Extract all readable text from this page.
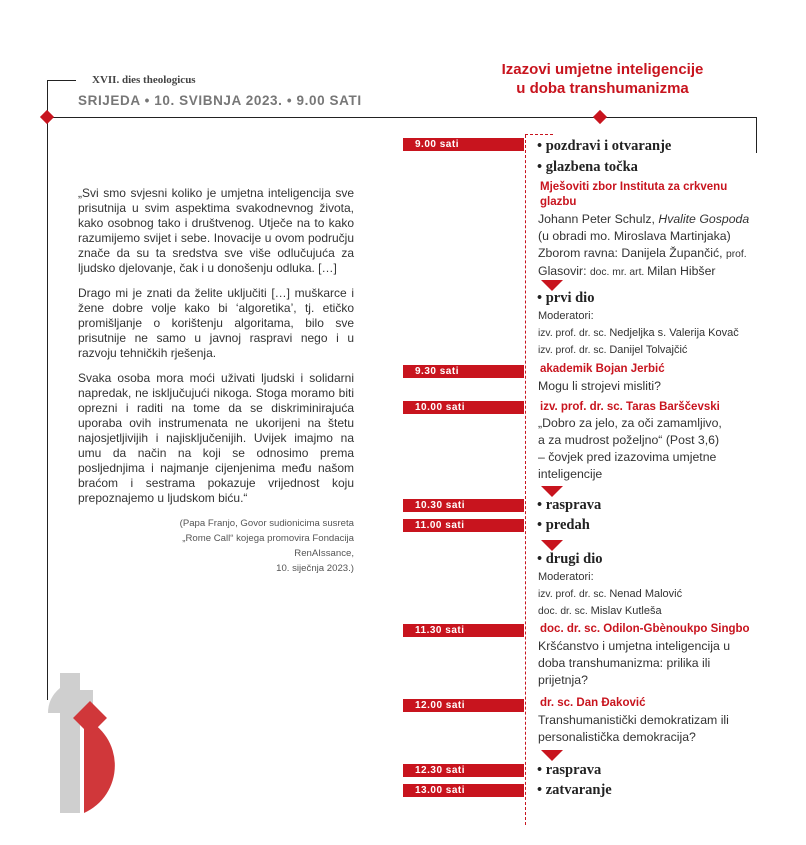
XVII. dies theologicus
SRIJEDA • 10. SVIBNJA 2023. • 9.00 SATI
Izazovi umjetne inteligencije
u doba transhumanizma

„Svi smo svjesni koliko je umjetna inteligencija sve prisutnija u svim aspektima svakodnevnog života, kako osobnog tako i društvenog. Utječe na to kako razumijemo svijet i sebe. Inovacije u ovom području znače da su ta sredstva sve više odlučujuća za ljudsko djelovanje, čak i u donošenju odluka. […]

Drago mi je znati da želite uključiti […] muškarce i žene dobre volje kako bi ‘algoretika’, tj. etičko promišljanje o korištenju algoritama, bilo sve prisutnije ne samo u javnoj raspravi nego i u razvoju tehničkih rješenja.

Svaka osoba mora moći uživati ljudski i solidarni napredak, ne isključujući nikoga. Stoga moramo biti oprezni i raditi na tome da se diskriminirajuća uporaba ovih instrumenata ne ukorijeni na štetu najosjetljivijih i najisključenijih. Uvijek imajmo na umu da način na koji se odnosimo prema posljednjima i najmanje cijenjenima među našom braćom i sestrama pokazuje vrijednost koju prepoznajemo u ljudskom biću.“

(Papa Franjo, Govor sudionicima susreta
„Rome Call“ kojega promovira Fondacija RenAIssance,
10. siječnja 2023.)
9.00 sati	• pozdravi i otvaranje
• glazbena točka
Mješoviti zbor Instituta za crkvenu
glazbu
Johann Peter Schulz, Hvalite Gospoda
(u obradi mo. Miroslava Martinjaka)
Zborom ravna: Danijela Župančić, prof.
Glasovir: doc. mr. art. Milan Hibšer
• prvi dio
Moderatori:
izv. prof. dr. sc. Nedjeljka s. Valerija Kovač
izv. prof. dr. sc. Danijel Tolvajčić
9.30 sati	akademik Bojan Jerbić
Mogu li strojevi misliti?
10.00 sati	izv. prof. dr. sc. Taras Barščevski
„Dobro za jelo, za oči zamamljivo,
a za mudrost poželjno“ (Post 3,6)
– čovjek pred izazovima umjetne
inteligencije
10.30 sati	• rasprava
11.00 sati	• predah
• drugi dio
Moderatori:
izv. prof. dr. sc. Nenad Malović
doc. dr. sc. Mislav Kutleša
11.30 sati	doc. dr. sc. Odilon-Gbènoukpo Singbo
Kršćanstvo i umjetna inteligencija u
doba transhumanizma: prilika ili
prijetnja?
12.00 sati	dr. sc. Dan Đaković
Transhumanistički demokratizam ili
personalistička demokracija?
12.30 sati	• rasprava
13.00 sati	• zatvaranje
